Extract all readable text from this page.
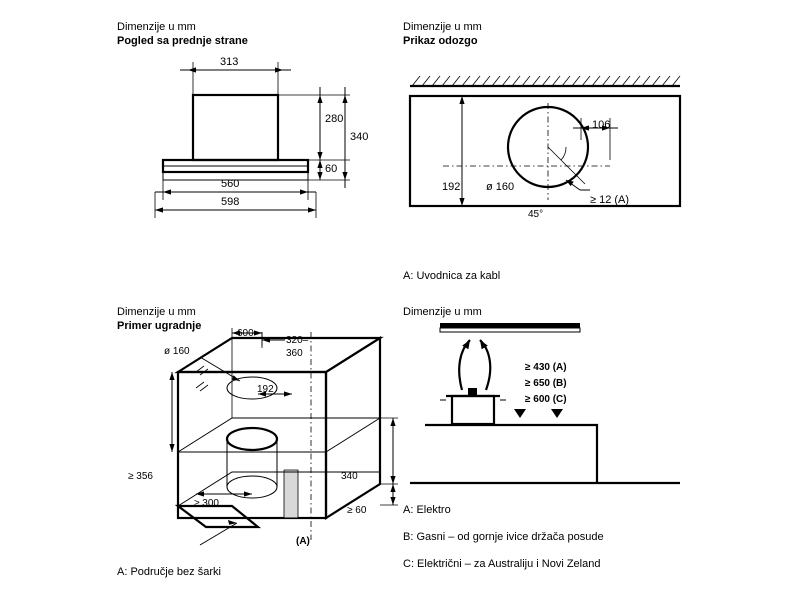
Dimenzije u mm
Pogled sa prednje strane
313
280
340
60
560
598
Dimenzije u mm
Prikaz odozgo
106
192 ø 160
45°
≥ 12 (A)
A: Uvodnica za kabl
Dimenzije u mm
Primer ugradnje
600
320–
360
ø 160
192
≥ 356
≥ 300
340
≥ 60
(A)
A: Područje bez šarki
Dimenzije u mm
≥ 430 (A)
≥ 650 (B)
≥ 600 (C)
A: Elektro
B: Gasni – od gornje ivice držača posude
C: Električni – za Australiju i Novi Zeland
